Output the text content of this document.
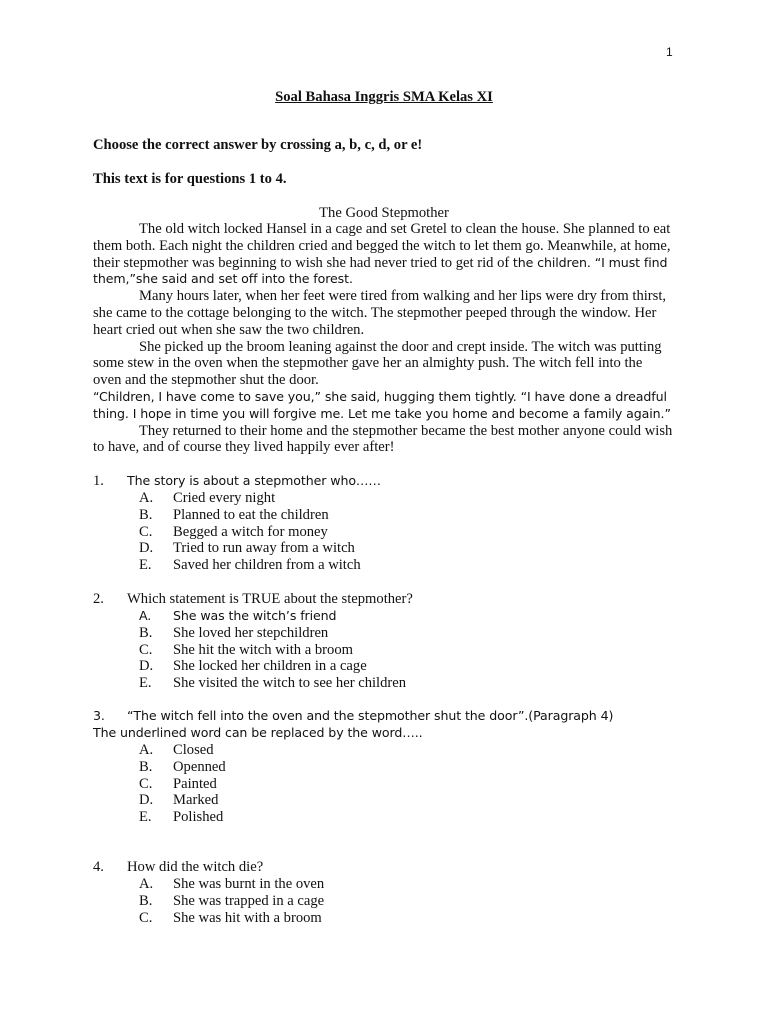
1
Soal Bahasa Inggris SMA Kelas XI
Choose the correct answer by crossing a, b, c, d, or e!
This text is for questions 1 to 4.
The Good Stepmother

The old witch locked Hansel in a cage and set Gretel to clean the house. She planned to eat them both. Each night the children cried and begged the witch to let them go. Meanwhile, at home, their stepmother was beginning to wish she had never tried to get rid of the children. “I must find them,”she said and set off into the forest.

Many hours later, when her feet were tired from walking and her lips were dry from thirst, she came to the cottage belonging to the witch. The stepmother peeped through the window. Her heart cried out when she saw the two children.

She picked up the broom leaning against the door and crept inside. The witch was putting some stew in the oven when the stepmother gave her an almighty push. The witch fell into the oven and the stepmother shut the door.

“Children, I have come to save you,” she said, hugging them tightly. “I have done a dreadful thing. I hope in time you will forgive me. Let me take you home and become a family again.”

They returned to their home and the stepmother became the best mother anyone could wish to have, and of course they lived happily ever after!

1. The story is about a stepmother who……
A. Cried every night
B. Planned to eat the children
C. Begged a witch for money
D. Tried to run away from a witch
E. Saved her children from a witch
2. Which statement is TRUE about the stepmother?
A. She was the witch’s friend
B. She loved her stepchildren
C. She hit the witch with a broom
D. She locked her children in a cage
E. She visited the witch to see her children
3. “The witch fell into the oven and the stepmother shut the door”.(Paragraph 4)
The underlined word can be replaced by the word…..
A. Closed
B. Openned
C. Painted
D. Marked
E. Polished
4. How did the witch die?
A. She was burnt in the oven
B. She was trapped in a cage
C. She was hit with a broom
